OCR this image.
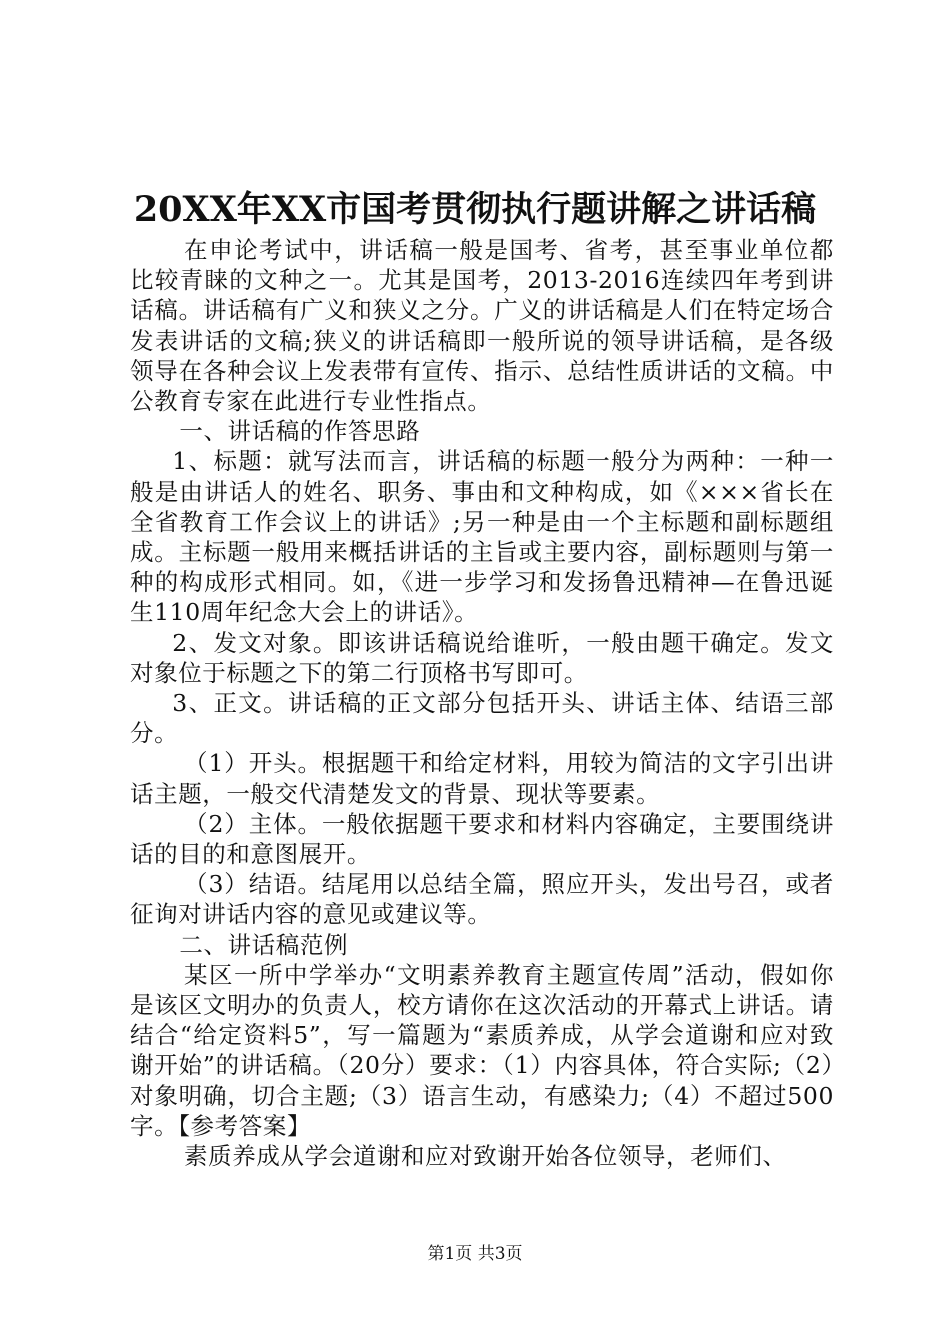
20XX年XX市国考贯彻执行题讲解之讲话稿

在申论考试中，讲话稿一般是国考、省考，甚至事业单位都比较青睐的文种之一。尤其是国考，2013-2016连续四年考到讲话稿。讲话稿有广义和狭义之分。广义的讲话稿是人们在特定场合发表讲话的文稿;狭义的讲话稿即一般所说的领导讲话稿，是各级领导在各种会议上发表带有宣传、指示、总结性质讲话的文稿。中公教育专家在此进行专业性指点。

一、讲话稿的作答思路

1、标题：就写法而言，讲话稿的标题一般分为两种：一种一般是由讲话人的姓名、职务、事由和文种构成，如《×××省长在全省教育工作会议上的讲话》;另一种是由一个主标题和副标题组成。主标题一般用来概括讲话的主旨或主要内容，副标题则与第一种的构成形式相同。如，《进一步学习和发扬鲁迅精神—在鲁迅诞生110周年纪念大会上的讲话》。

2、发文对象。即该讲话稿说给谁听，一般由题干确定。发文对象位于标题之下的第二行顶格书写即可。

3、正文。讲话稿的正文部分包括开头、讲话主体、结语三部分。

（1）开头。根据题干和给定材料，用较为简洁的文字引出讲话主题，一般交代清楚发文的背景、现状等要素。

（2）主体。一般依据题干要求和材料内容确定，主要围绕讲话的目的和意图展开。

（3）结语。结尾用以总结全篇，照应开头，发出号召，或者征询对讲话内容的意见或建议等。

二、讲话稿范例

某区一所中学举办“文明素养教育主题宣传周”活动，假如你是该区文明办的负责人，校方请你在这次活动的开幕式上讲话。请结合“给定资料5”，写一篇题为“素质养成，从学会道谢和应对致谢开始”的讲话稿。（20分）要求：（1）内容具体，符合实际;（2）对象明确，切合主题;（3）语言生动，有感染力;（4）不超过500字。【参考答案】

素质养成从学会道谢和应对致谢开始各位领导，老师们、

第1页 共3页
